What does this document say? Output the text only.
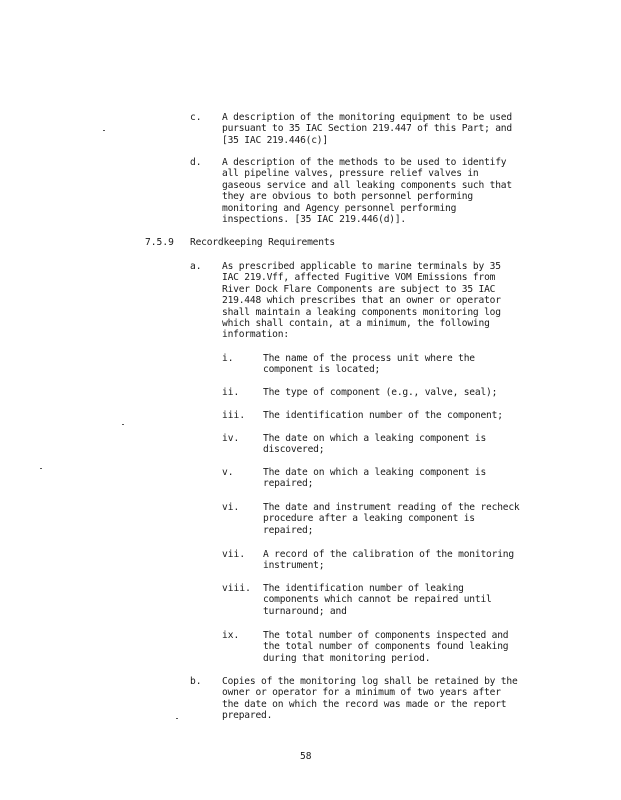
c. A description of the monitoring equipment to be used
pursuant to 35 IAC Section 219.447 of this Part; and
[35 IAC 219.446(c)]
d. A description of the methods to be used to identify
all pipeline valves, pressure relief valves in
gaseous service and all leaking components such that
they are obvious to both personnel performing
monitoring and Agency personnel performing
inspections. [35 IAC 219.446(d)].
7.5.9 Recordkeeping Requirements
a. As prescribed applicable to marine terminals by 35
IAC 219.Vff, affected Fugitive VOM Emissions from
River Dock Flare Components are subject to 35 IAC
219.448 which prescribes that an owner or operator
shall maintain a leaking components monitoring log
which shall contain, at a minimum, the following
information:
i.	The name of the process unit where the
component is located;
ii. The type of component (e.g., valve, seal);
iii. The identification number of the component;
iv. The date on which a leaking component is
discovered;
v.	The date on which a leaking component is
repaired;
vi. The date and instrument reading of the recheck
procedure after a leaking component is
repaired;
vii. A record of the calibration of the monitoring
instrument;
viii. The identification number of leaking
components which cannot be repaired until
turnaround; and
ix. The total number of components inspected and
the total number of components found leaking
during that monitoring period.
b. Copies of the monitoring log shall be retained by the
owner or operator for a minimum of two years after
the date on which the record was made or the report
prepared.
58
